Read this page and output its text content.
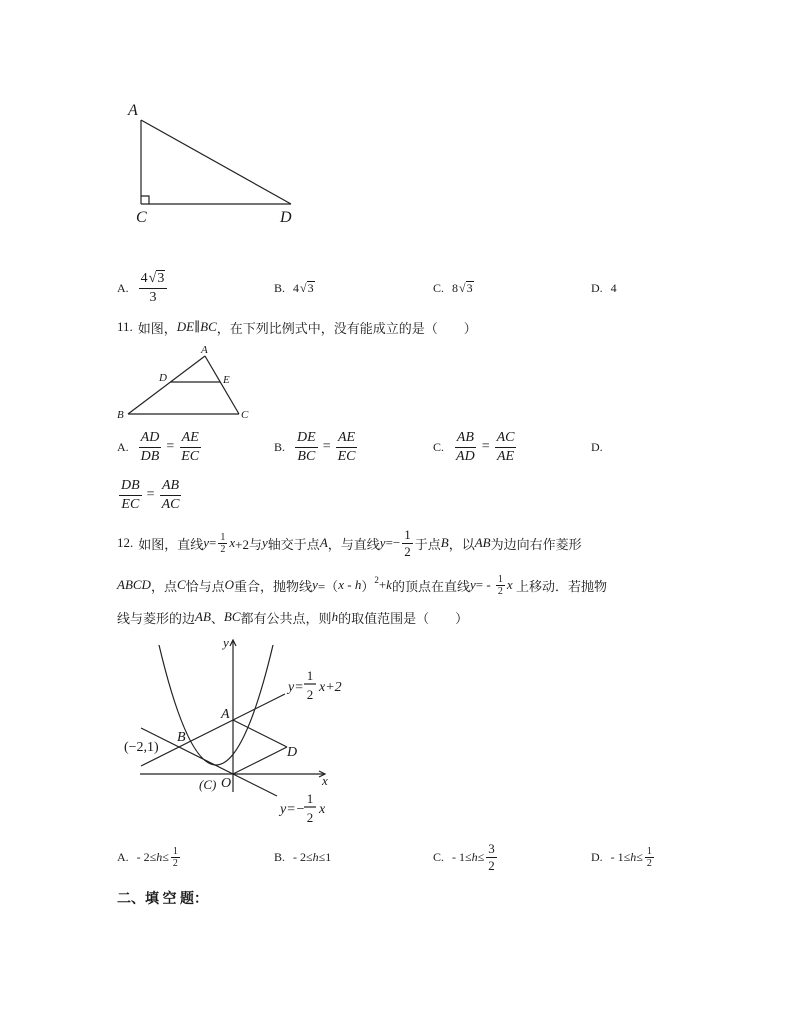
A
C	D
A. $\frac{4 √ 3}{3}$	B. 4 √ 3	C. 8 √ 3	D. 4
11. 如图， DE∥BC ，在下列比例式中，没有能成立的是（　　）
A
B	C
D	E
A. $\frac{AD}{DB} = \frac{AE}{EC}$	B. $\frac{DE}{BC} = \frac{AE}{EC}$	C. $\frac{AB}{AD} = \frac{AC}{AE}$	D.
$\frac{DB}{EC} = \frac{AB}{AC}$
12. 如图，直线 $y = \frac{1}{2}$ x +2与 y 轴交于点 A ，与直线 $y =- \frac{1}{2}$ 于点 B ，以 AB 为边向右作菱形
ABCD ，点 C 恰与点 O 重合，抛物线 y =（ x - h ） 2 + k 的顶点在直线 y = - $\frac{1}{2}$ x 上移动．若抛物
线与菱形的边 AB 、 BC 都有公共点，则 h 的取值范围是（　　）
y
x
O
(C)
A
B
D
(−2,1)
y=
1
2 x+2
y=−
1
2
x
A. - $2\le h \le \frac{1}{2}$	B. - 2≤ h ≤1	C. - $1\le h \le \frac{3}{2}$	D. - $1\le h \le \frac{1}{2}$
二、填 空 题：
